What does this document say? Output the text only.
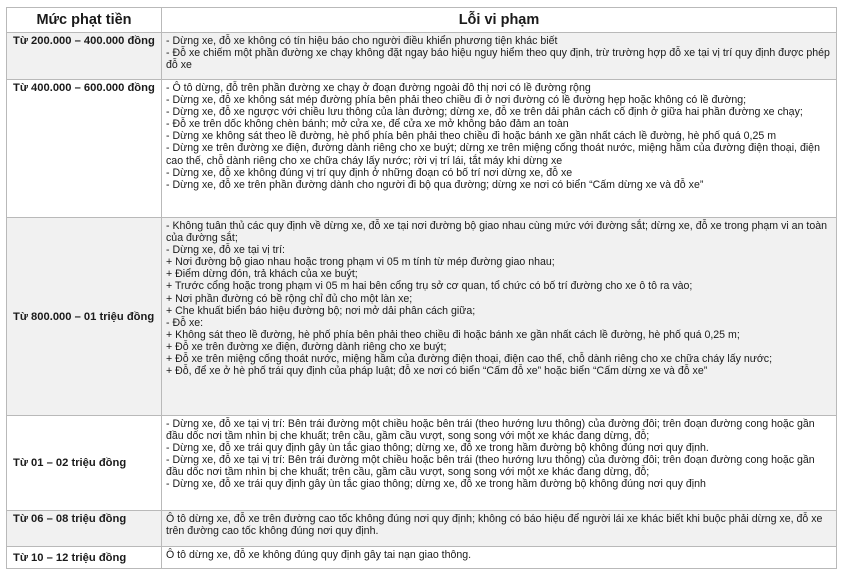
Mức phạt tiền	Lỗi vi phạm
Từ 200.000 – 400.000 đồng	- Dừng xe, đỗ xe không có tín hiệu báo cho người điều khiển phương tiện khác biết
- Đỗ xe chiếm một phần đường xe chạy không đặt ngay báo hiệu nguy hiểm theo quy định, trừ trường hợp đỗ xe tại vị trí quy định được phép đỗ xe

Từ 400.000 – 600.000 đồng	- Ô tô dừng, đỗ trên phần đường xe chạy ở đoạn đường ngoài đô thị nơi có lề đường rộng
- Dừng xe, đỗ xe không sát mép đường phía bên phải theo chiều đi ở nơi đường có lề đường hẹp hoặc không có lề đường;
- Dừng xe, đỗ xe ngược với chiều lưu thông của làn đường; dừng xe, đỗ xe trên dải phân cách cố định ở giữa hai phần đường xe chạy;
- Đỗ xe trên dốc không chèn bánh; mở cửa xe, để cửa xe mở không bảo đảm an toàn
- Dừng xe không sát theo lề đường, hè phố phía bên phải theo chiều đi hoặc bánh xe gần nhất cách lề đường, hè phố quá 0,25 m
- Dừng xe trên đường xe điện, đường dành riêng cho xe buýt; dừng xe trên miệng cống thoát nước, miệng hầm của đường điện thoại, điện cao thế, chỗ dành riêng cho xe chữa cháy lấy nước; rời vị trí lái, tắt máy khi dừng xe
- Dừng xe, đỗ xe không đúng vị trí quy định ở những đoạn có bố trí nơi dừng xe, đỗ xe
- Dừng xe, đỗ xe trên phần đường dành cho người đi bộ qua đường; dừng xe nơi có biển “Cấm dừng xe và đỗ xe”

Từ 800.000 – 01 triệu đồng	
- Không tuân thủ các quy định về dừng xe, đỗ xe tại nơi đường bộ giao nhau cùng mức với đường sắt; dừng xe, đỗ xe trong phạm vi an toàn của đường sắt;
- Dừng xe, đỗ xe tại vị trí:
+ Nơi đường bộ giao nhau hoặc trong phạm vi 05 m tính từ mép đường giao nhau;
+ Điểm dừng đón, trả khách của xe buýt;
+ Trước cổng hoặc trong phạm vi 05 m hai bên cổng trụ sở cơ quan, tổ chức có bố trí đường cho xe ô tô ra vào;
+ Nơi phần đường có bề rộng chỉ đủ cho một làn xe;
+ Che khuất biển báo hiệu đường bộ; nơi mở dải phân cách giữa;
- Đỗ xe:
+ Không sát theo lề đường, hè phố phía bên phải theo chiều đi hoặc bánh xe gần nhất cách lề đường, hè phố quá 0,25 m;
+ Đỗ xe trên đường xe điện, đường dành riêng cho xe buýt;
+ Đỗ xe trên miệng cống thoát nước, miệng hầm của đường điện thoại, điện cao thế, chỗ dành riêng cho xe chữa cháy lấy nước;
+ Đỗ, để xe ở hè phố trái quy định của pháp luật; đỗ xe nơi có biển “Cấm đỗ xe” hoặc biển “Cấm dừng xe và đỗ xe”

Từ 01 – 02 triệu đồng	- Dừng xe, đỗ xe tại vị trí: Bên trái đường một chiều hoặc bên trái (theo hướng lưu thông) của đường đôi; trên đoạn đường cong hoặc gần đầu dốc nơi tầm nhìn bị che khuất; trên cầu, gầm cầu vượt, song song với một xe khác đang dừng, đỗ;
- Dừng xe, đỗ xe trái quy định gây ùn tắc giao thông; dừng xe, đỗ xe trong hầm đường bộ không đúng nơi quy định.
- Dừng xe, đỗ xe tại vị trí: Bên trái đường một chiều hoặc bên trái (theo hướng lưu thông) của đường đôi; trên đoạn đường cong hoặc gần đầu dốc nơi tầm nhìn bị che khuất; trên cầu, gầm cầu vượt, song song với một xe khác đang dừng, đỗ;
- Dừng xe, đỗ xe trái quy định gây ùn tắc giao thông; dừng xe, đỗ xe trong hầm đường bộ không đúng nơi quy định

Từ 06 – 08 triệu đồng	Ô tô dừng xe, đỗ xe trên đường cao tốc không đúng nơi quy định; không có báo hiệu để người lái xe khác biết khi buộc phải dừng xe, đỗ xe trên đường cao tốc không đúng nơi quy định.

Từ 10 – 12 triệu đồng	Ô tô dừng xe, đỗ xe không đúng quy định gây tai nạn giao thông.
